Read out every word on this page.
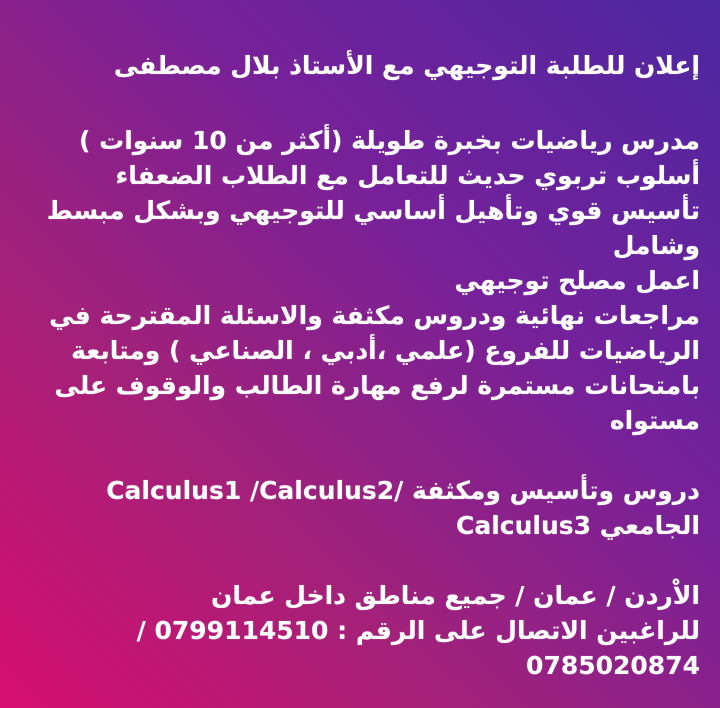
إعلان للطلبة التوجيهي مع الأستاذ بلال مصطفى
مدرس رياضيات بخبرة طويلة (أكثر من 10 سنوات )
أسلوب تربوي حديث للتعامل مع الطلاب الضعفاء
تأسيس قوي وتأهيل أساسي للتوجيهي وبشكل مبسط
وشامل
اعمل مصلح توجيهي
مراجعات نهائية ودروس مكثفة والاسئلة المقترحة في
الرياضيات للفروع (علمي ،أدبي ، الصناعي ) ومتابعة
بامتحانات مستمرة لرفع مهارة الطالب والوقوف على
مستواه
دروس وتأسيس ومكثفة /Calculus1 /Calculus2
Calculus3 الجامعي
الاْردن / عمان / جميع مناطق داخل عمان
للراغبين الاتصال على الرقم : 0799114510 /
0785020874
